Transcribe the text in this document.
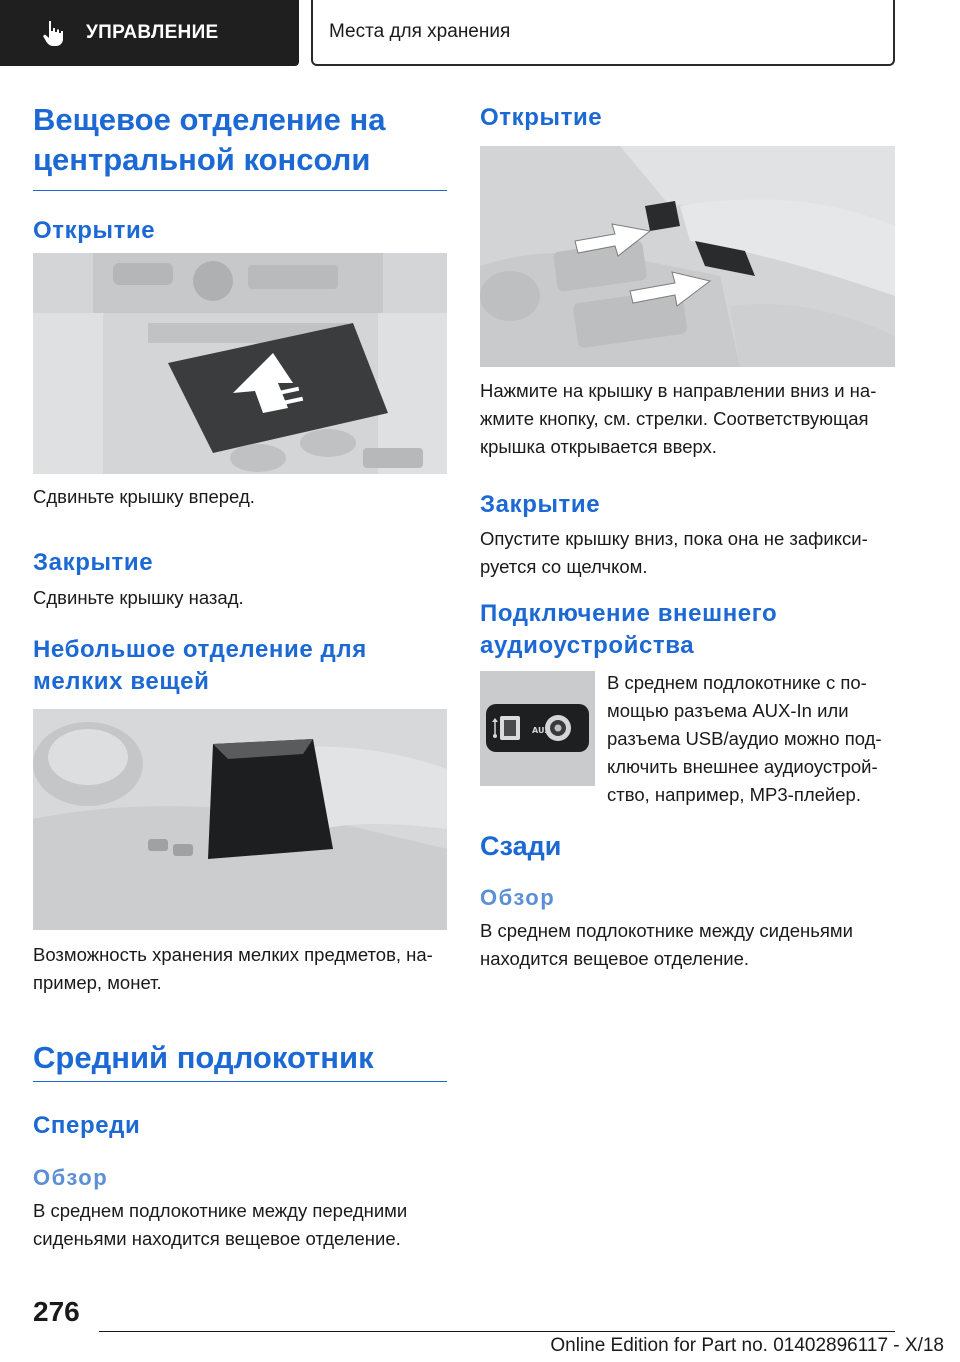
УПРАВЛЕНИЕ	Места для хранения
Вещевое отделение на центральной консоли
Открытие

Сдвиньте крышку вперед.

Закрытие

Сдвиньте крышку назад.

Небольшое отделение для мелких вещей

Возможность хранения мелких предметов, на- пример, монет.

Средний подлокотник
Спереди
Обзор

В среднем подлокотнике между передними сиденьями находится вещевое отделение.

Открытие

Нажмите на крышку в направлении вниз и на- жмите кнопку, см. стрелки. Соответствующая крышка открывается вверх.

Закрытие

Опустите крышку вниз, пока она не зафикси- руется со щелчком.

Подключение внешнего аудиоустройства
AUX

В среднем подлокотнике с по- мощью разъема AUX-In или разъема USB/аудио можно под- ключить внешнее аудиоустрой- ство, например, MP3-плейер.

Сзади
Обзор

В среднем подлокотнике между сиденьями находится вещевое отделение.

276
Online Edition for Part no. 01402896117 - X/18
